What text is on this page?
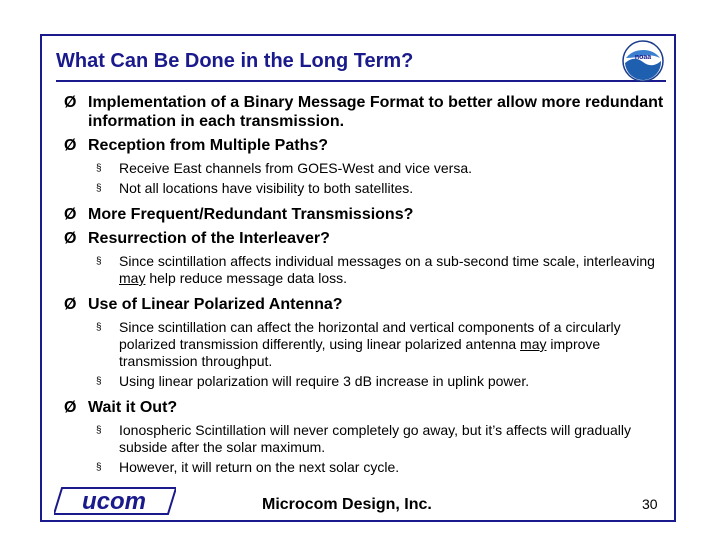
What Can Be Done in the Long Term?	noaa
Ø Implementation of a Binary Message Format to better allow more redundant information in each transmission.
Ø Reception from Multiple Paths?
§ Receive East channels from GOES-West and vice versa.
§ Not all locations have visibility to both satellites.
Ø More Frequent/Redundant Transmissions?
Ø Resurrection of the Interleaver?
§ Since scintillation affects individual messages on a sub-second time scale, interleaving may help reduce message data loss.
Ø Use of Linear Polarized Antenna?
§ Since scintillation can affect the horizontal and vertical components of a circularly polarized transmission differently, using linear polarized antenna may improve transmission throughput.
§ Using linear polarization will require 3 dB increase in uplink power.
Ø Wait it Out?
§ Ionospheric Scintillation will never completely go away, but it’s affects will gradually subside after the solar maximum.
§ However, it will return on the next solar cycle.
ucom	Microcom Design, Inc.	30
